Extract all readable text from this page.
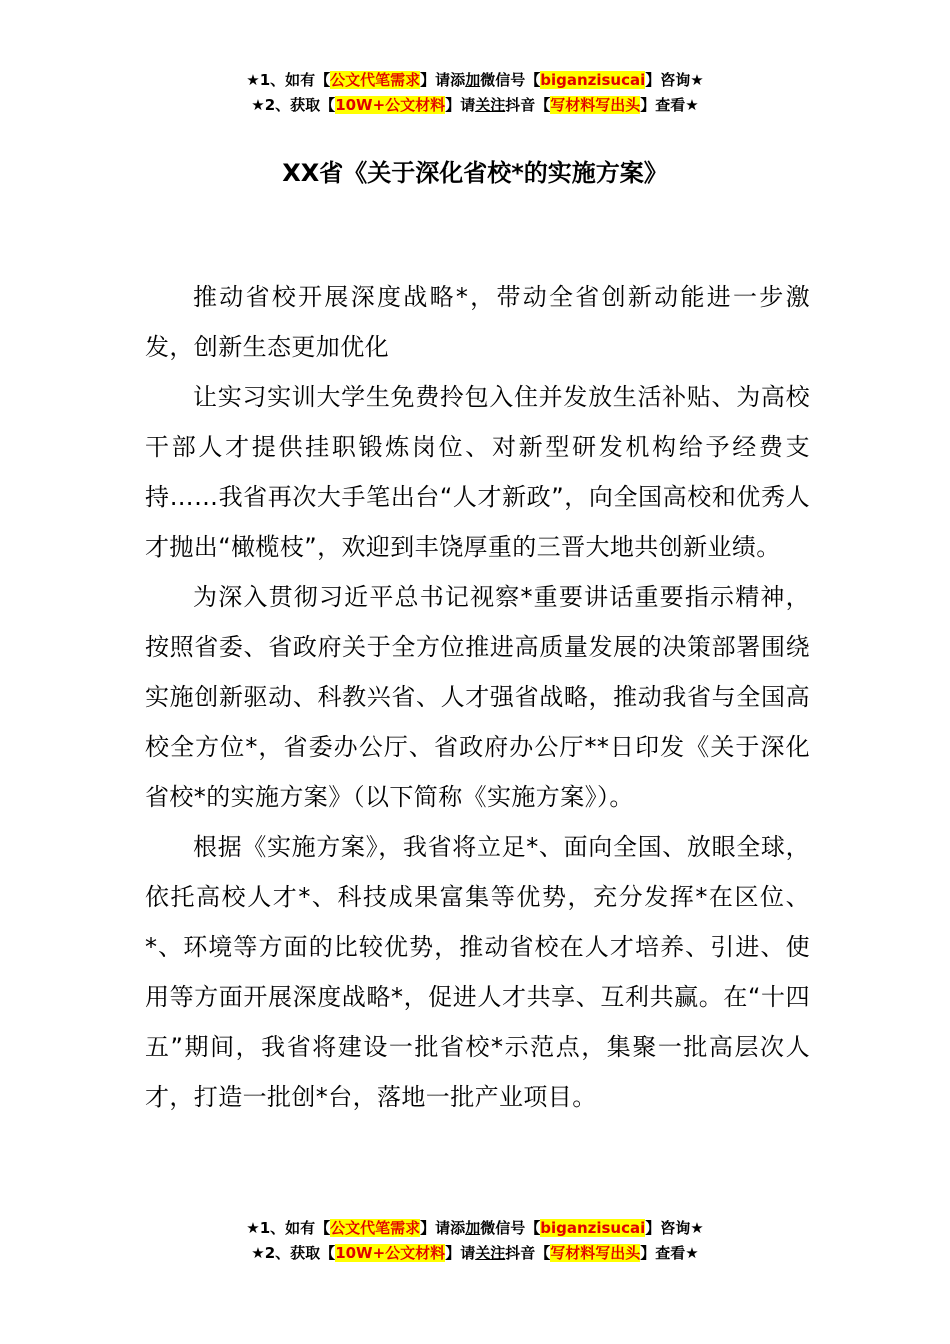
★1、如有【公文代笔需求】请添加微信号【biganzisucai】咨询★
★2、获取【10W+公文材料】请关注抖音【写材料写出头】查看★
XX省《关于深化省校*的实施方案》

推动省校开展深度战略*，带动全省创新动能进一步激发，创新生态更加优化

让实习实训大学生免费拎包入住并发放生活补贴、为高校干部人才提供挂职锻炼岗位、对新型研发机构给予经费支持……我省再次大手笔出台“人才新政”，向全国高校和优秀人才抛出“橄榄枝”，欢迎到丰饶厚重的三晋大地共创新业绩。

为深入贯彻习近平总书记视察*重要讲话重要指示精神，按照省委、省政府关于全方位推进高质量发展的决策部署围绕实施创新驱动、科教兴省、人才强省战略，推动我省与全国高校全方位*，省委办公厅、省政府办公厅**日印发《关于深化省校*的实施方案》（以下简称《实施方案》）。

根据《实施方案》，我省将立足*、面向全国、放眼全球，依托高校人才*、科技成果富集等优势，充分发挥*在区位、*、环境等方面的比较优势，推动省校在人才培养、引进、使用等方面开展深度战略*，促进人才共享、互利共赢。在“十四五”期间，我省将建设一批省校*示范点，集聚一批高层次人才，打造一批创*台，落地一批产业项目。

★1、如有【公文代笔需求】请添加微信号【biganzisucai】咨询★
★2、获取【10W+公文材料】请关注抖音【写材料写出头】查看★
